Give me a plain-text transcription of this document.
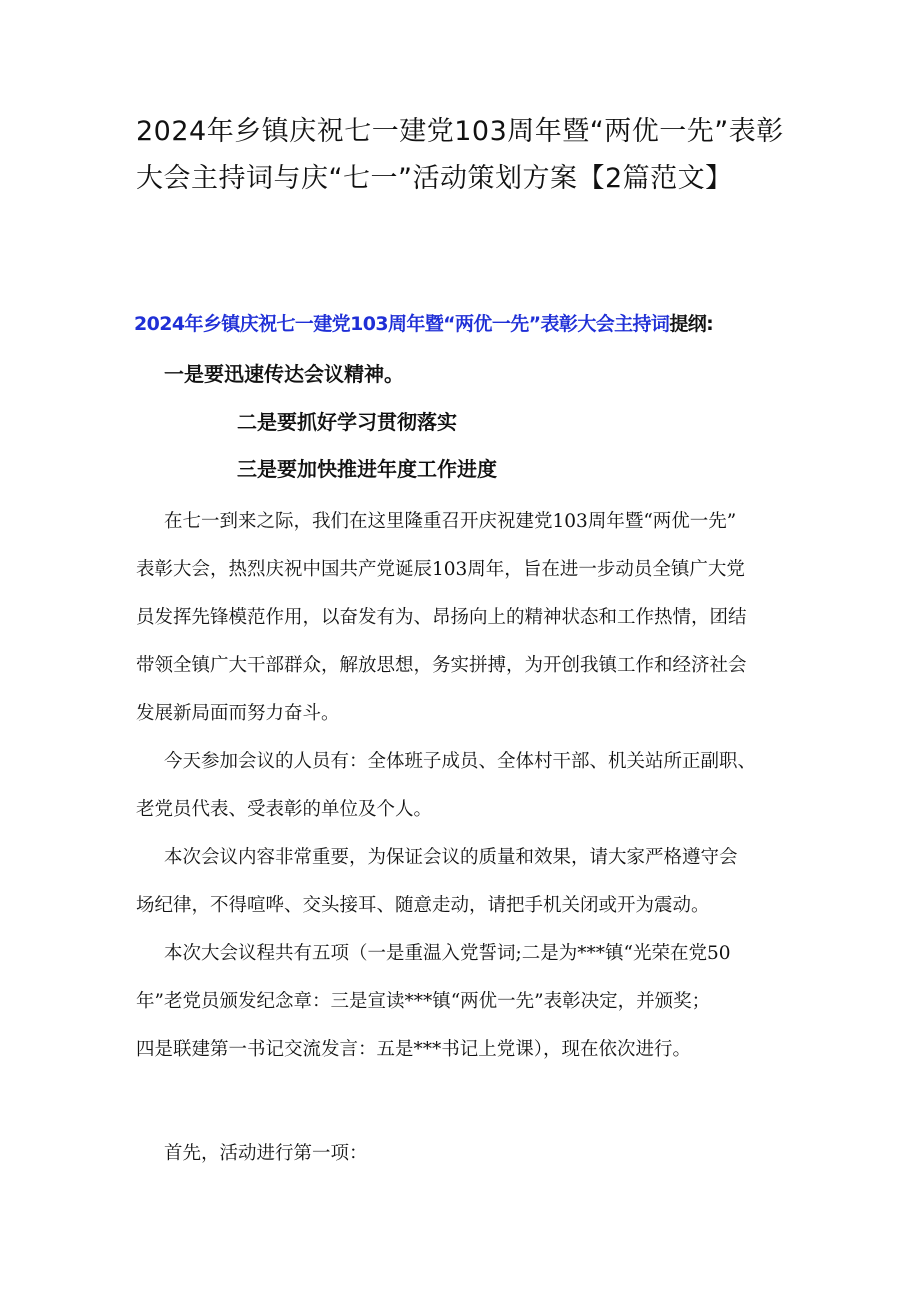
2024年乡镇庆祝七一建党103周年暨“两优一先”表彰
大会主持词与庆“七一”活动策划方案【2篇范文】
2024年乡镇庆祝七一建党103周年暨“两优一先”表彰大会主持词提纲:
一是要迅速传达会议精神。
二是要抓好学习贯彻落实
三是要加快推进年度工作进度
在七一到来之际，我们在这里隆重召开庆祝建党103周年暨“两优一先”
表彰大会，热烈庆祝中国共产党诞辰103周年，旨在进一步动员全镇广大党
员发挥先锋模范作用，以奋发有为、昂扬向上的精神状态和工作热情，团结
带领全镇广大干部群众，解放思想，务实拼搏，为开创我镇工作和经济社会
发展新局面而努力奋斗。
今天参加会议的人员有：全体班子成员、全体村干部、机关站所正副职、
老党员代表、受表彰的单位及个人。
本次会议内容非常重要，为保证会议的质量和效果，请大家严格遵守会
场纪律，不得喧哗、交头接耳、随意走动，请把手机关闭或开为震动。
本次大会议程共有五项（一是重温入党誓词;二是为***镇“光荣在党50
年”老党员颁发纪念章：三是宣读***镇“两优一先”表彰决定，并颁奖；
四是联建第一书记交流发言：五是***书记上党课），现在依次进行。
首先，活动进行第一项：
